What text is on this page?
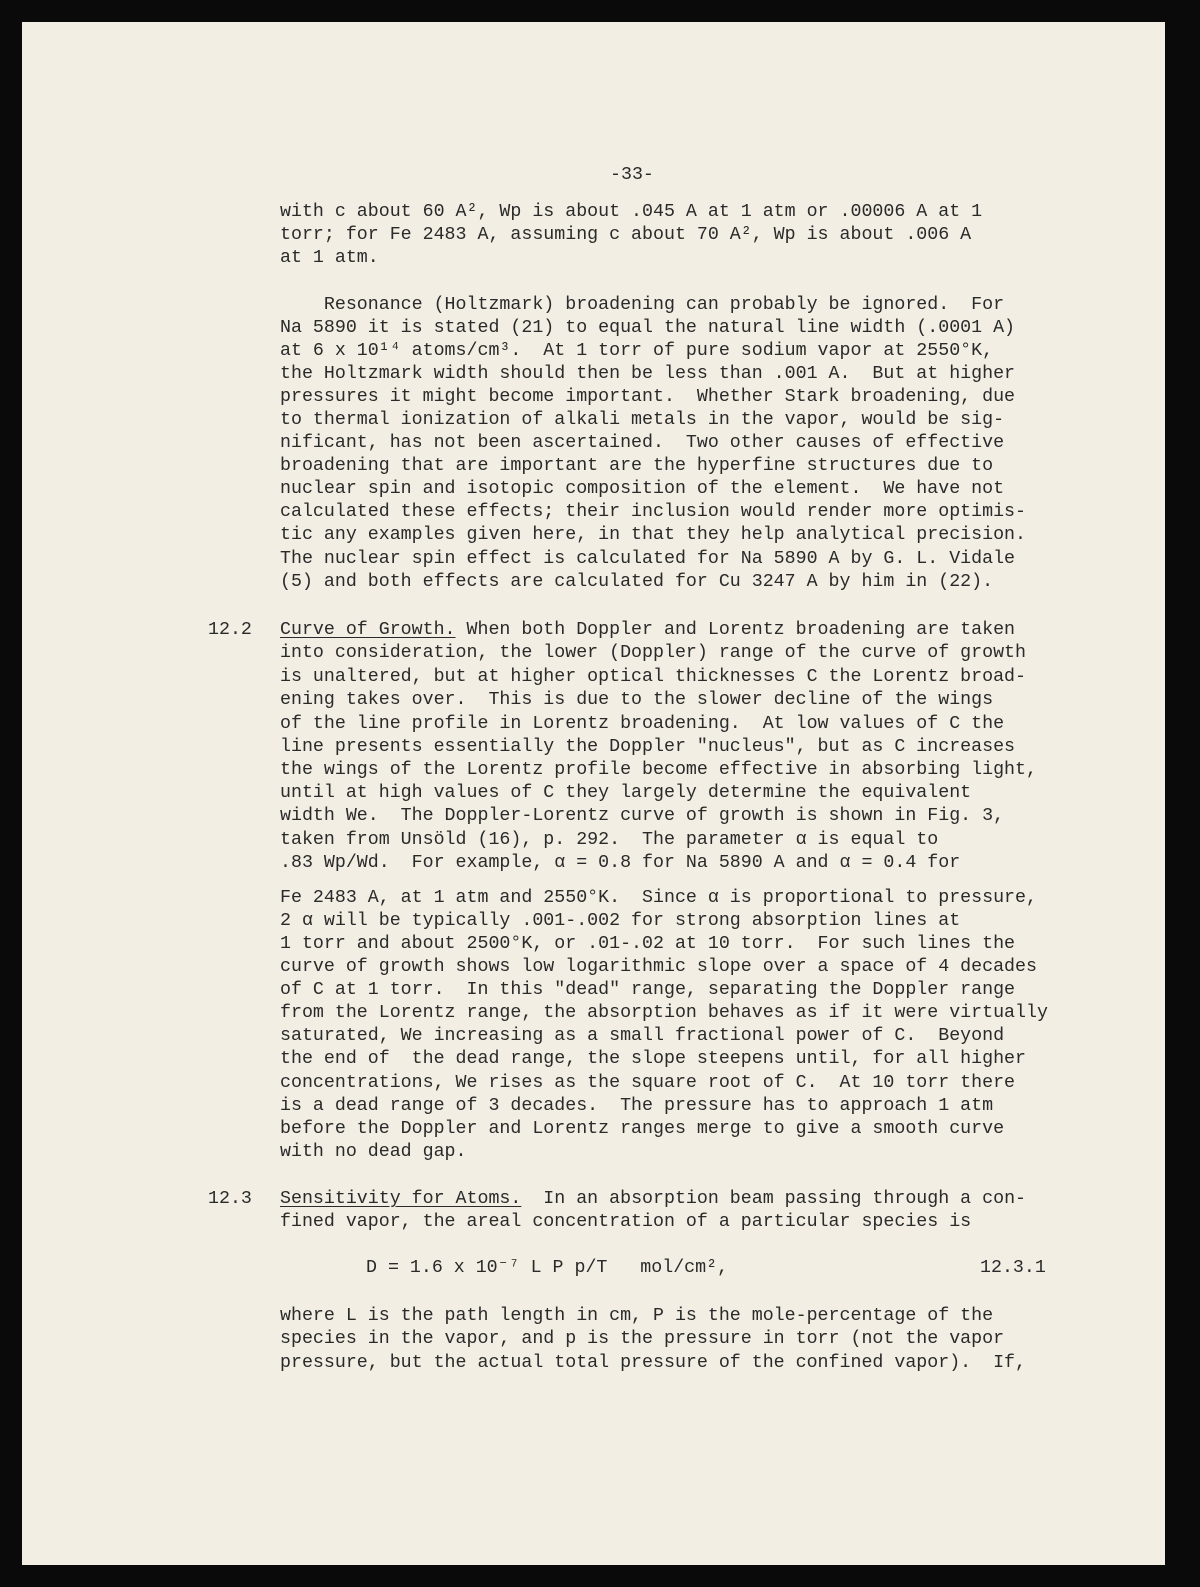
-33-
with c about 60 A², Wp is about .045 A at 1 atm or .00006 A at 1
torr; for Fe 2483 A, assuming c about 70 A², Wp is about .006 A
at 1 atm.
Resonance (Holtzmark) broadening can probably be ignored.  For
Na 5890 it is stated (21) to equal the natural line width (.0001 A)
at 6 x 10¹⁴ atoms/cm³.  At 1 torr of pure sodium vapor at 2550°K,
the Holtzmark width should then be less than .001 A.  But at higher
pressures it might become important.  Whether Stark broadening, due
to thermal ionization of alkali metals in the vapor, would be sig-
nificant, has not been ascertained.  Two other causes of effective
broadening that are important are the hyperfine structures due to
nuclear spin and isotopic composition of the element.  We have not
calculated these effects; their inclusion would render more optimis-
tic any examples given here, in that they help analytical precision.
The nuclear spin effect is calculated for Na 5890 A by G. L. Vidale
(5) and both effects are calculated for Cu 3247 A by him in (22).
12.2 Curve of Growth. When both Doppler and Lorentz broadening are taken
into consideration, the lower (Doppler) range of the curve of growth
is unaltered, but at higher optical thicknesses C the Lorentz broad-
ening takes over.  This is due to the slower decline of the wings
of the line profile in Lorentz broadening.  At low values of C the
line presents essentially the Doppler "nucleus", but as C increases
the wings of the Lorentz profile become effective in absorbing light,
until at high values of C they largely determine the equivalent
width We.  The Doppler-Lorentz curve of growth is shown in Fig. 3,
taken from Unsöld (16), p. 292.  The parameter α is equal to
.83 Wp/Wd.  For example, α = 0.8 for Na 5890 A and α = 0.4 for
Fe 2483 A, at 1 atm and 2550°K.  Since α is proportional to pressure,
2 α will be typically .001-.002 for strong absorption lines at
1 torr and about 2500°K, or .01-.02 at 10 torr.  For such lines the
curve of growth shows low logarithmic slope over a space of 4 decades
of C at 1 torr.  In this "dead" range, separating the Doppler range
from the Lorentz range, the absorption behaves as if it were virtually
saturated, We increasing as a small fractional power of C.  Beyond
the end of  the dead range, the slope steepens until, for all higher
concentrations, We rises as the square root of C.  At 10 torr there
is a dead range of 3 decades.  The pressure has to approach 1 atm
before the Doppler and Lorentz ranges merge to give a smooth curve
with no dead gap.
12.3 Sensitivity for Atoms.  In an absorption beam passing through a con-
fined vapor, the areal concentration of a particular species is
D = 1.6 x 10⁻⁷ L P p/T   mol/cm²,	12.3.1
where L is the path length in cm, P is the mole-percentage of the
species in the vapor, and p is the pressure in torr (not the vapor
pressure, but the actual total pressure of the confined vapor).  If,
